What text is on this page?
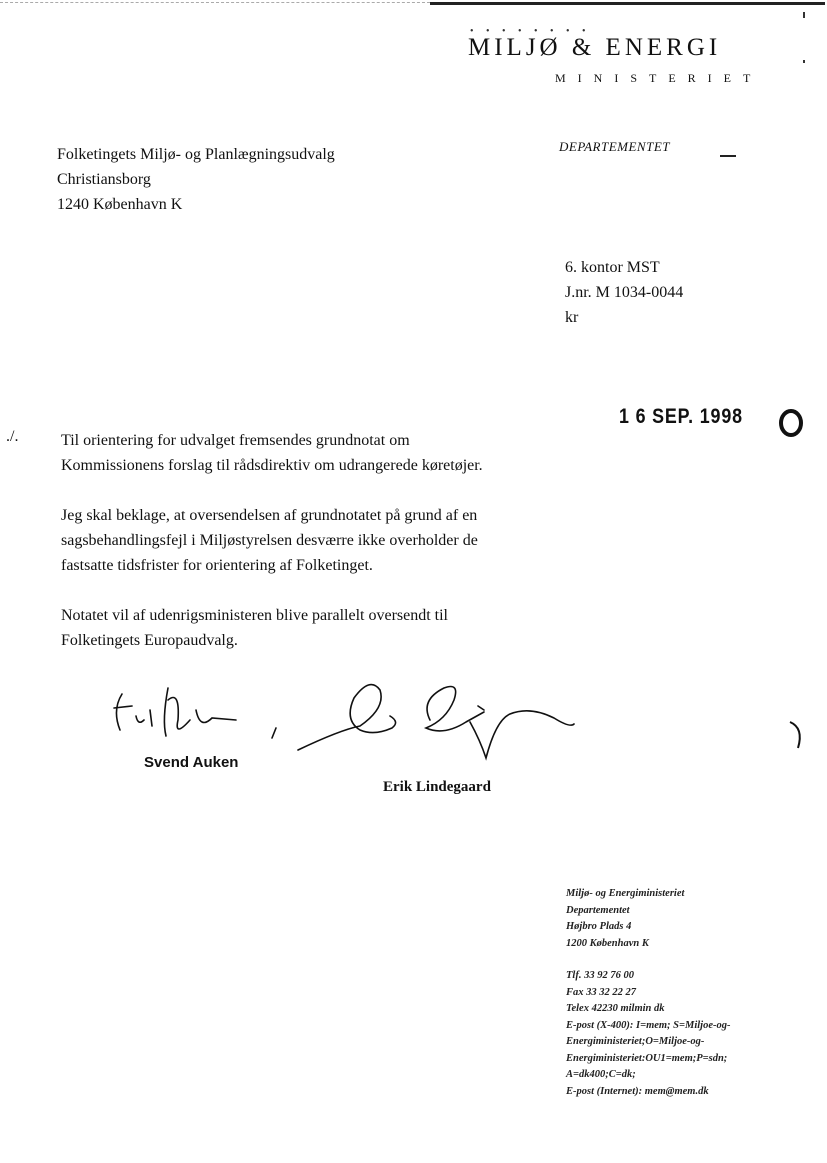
• • • • • • • •
MILJØ & ENERGI
MINISTERIET
Folketingets Miljø- og Planlægningsudvalg
Christiansborg
1240 København K
DEPARTEMENTET
6. kontor MST
J.nr. M 1034-0044
kr
1 6 SEP. 1998
./.	Til orientering for udvalget fremsendes grundnotat om
Kommissionens forslag til rådsdirektiv om udrangerede køretøjer.
Jeg skal beklage, at oversendelsen af grundnotatet på grund af en
sagsbehandlingsfejl i Miljøstyrelsen desværre ikke overholder de
fastsatte tidsfrister for orientering af Folketinget.
Notatet vil af udenrigsministeren blive parallelt oversendt til
Folketingets Europaudvalg.
Svend Auken
Erik Lindegaard
Miljø- og Energiministeriet
Departementet
Højbro Plads 4
1200 København K
Tlf. 33 92 76 00
Fax 33 32 22 27
Telex 42230 milmin dk
E-post (X-400): I=mem; S=Miljoe-og-
Energiministeriet;O=Miljoe-og-
Energiministeriet:OU1=mem;P=sdn;
A=dk400;C=dk;
E-post (Internet): mem@mem.dk
